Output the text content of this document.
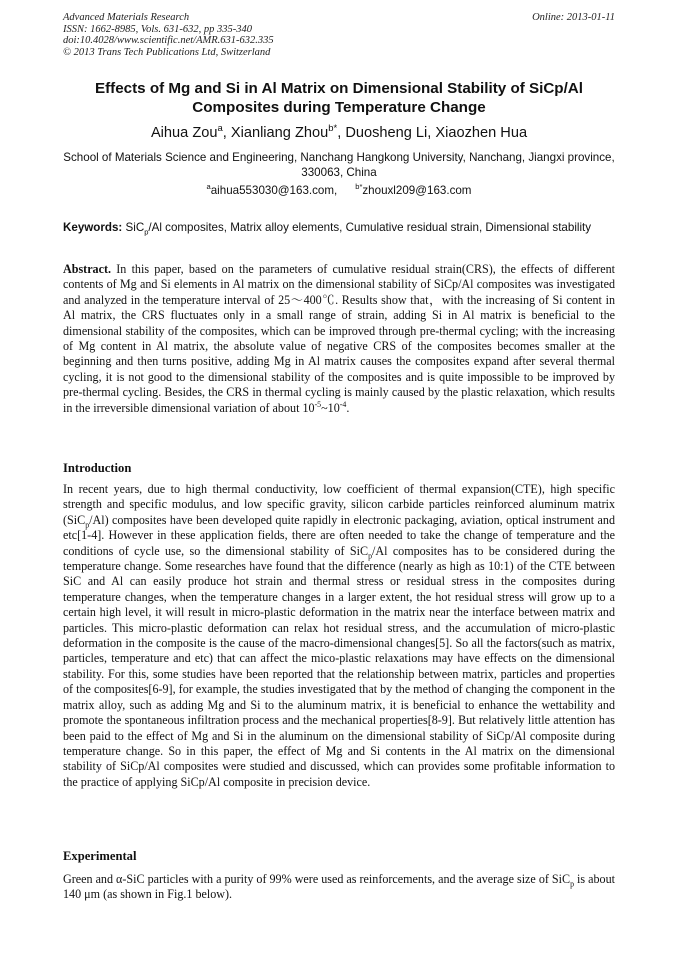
Advanced Materials Research
ISSN: 1662-8985, Vols. 631-632, pp 335-340
doi:10.4028/www.scientific.net/AMR.631-632.335
© 2013 Trans Tech Publications Ltd, Switzerland
Online: 2013-01-11
Effects of Mg and Si in Al Matrix on Dimensional Stability of SiCp/Al Composites during Temperature Change
Aihua Zou$^a$, Xianliang Zhou$^{b*}$, Duosheng Li, Xiaozhen Hua
School of Materials Science and Engineering, Nanchang Hangkong University, Nanchang, Jiangxi province, 330063, China
$^a$aihua553030@163.com, $^{b*}$zhouxl209@163.com
Keywords: SiC$_p$/Al composites, Matrix alloy elements, Cumulative residual strain, Dimensional stability
Abstract. In this paper, based on the parameters of cumulative residual strain(CRS), the effects of different contents of Mg and Si elements in Al matrix on the dimensional stability of SiCp/Al composites was investigated and analyzed in the temperature interval of 25～400℃. Results show that，with the increasing of Si content in Al matrix, the CRS fluctuates only in a small range of strain, adding Si in Al matrix is beneficial to the dimensional stability of the composites, which can be improved through pre-thermal cycling; with the increasing of Mg content in Al matrix, the absolute value of negative CRS of the composites becomes smaller at the beginning and then turns positive, adding Mg in Al matrix causes the composites expand after several thermal cycling, it is not good to the dimensional stability of the composites and is quite impossible to be improved by pre-thermal cycling. Besides, the CRS in thermal cycling is mainly caused by the plastic relaxation, which results in the irreversible dimensional variation of about $10^{-5}\sim 10^{-4}$.
Introduction
In recent years, due to high thermal conductivity, low coefficient of thermal expansion(CTE), high specific strength and specific modulus, and low specific gravity, silicon carbide particles reinforced aluminum matrix (SiC$_p$/Al) composites have been developed quite rapidly in electronic packaging, aviation, optical instrument and etc[1-4]. However in these application fields, there are often needed to take the change of temperature and the conditions of cycle use, so the dimensional stability of SiC$_p$/Al composites has to be considered during the temperature change. Some researches have found that the difference (nearly as high as 10:1) of the CTE between SiC and Al can easily produce hot strain and thermal stress or residual stress in the composites during temperature changes, when the temperature changes in a larger extent, the hot residual stress will grow up to a certain high level, it will result in micro-plastic deformation in the matrix near the interface between matrix and particles. This micro-plastic deformation can relax hot residual stress, and the accumulation of micro-plastic deformation in the composite is the cause of the macro-dimensional changes[5]. So all the factors(such as matrix, particles, temperature and etc) that can affect the mico-plastic relaxations may have effects on the dimensional stability. For this, some studies have been reported that the relationship between matrix, particles and properties of the composites[6-9], for example, the studies investigated that by the method of changing the component in the matrix alloy, such as adding Mg and Si to the aluminum matrix, it is beneficial to enhance the wettability and promote the spontaneous infiltration process and the mechanical properties[8-9]. But relatively little attention has been paid to the effect of Mg and Si in the aluminum on the dimensional stability of SiCp/Al composite during temperature change. So in this paper, the effect of Mg and Si contents in the Al matrix on the dimensional stability of SiCp/Al composites were studied and discussed, which can provides some profitable information to the practice of applying SiCp/Al composite in precision device.
Experimental
Green and α-SiC particles with a purity of 99% were used as reinforcements, and the average size of SiC$_p$ is about 140 μm (as shown in Fig.1 below).
